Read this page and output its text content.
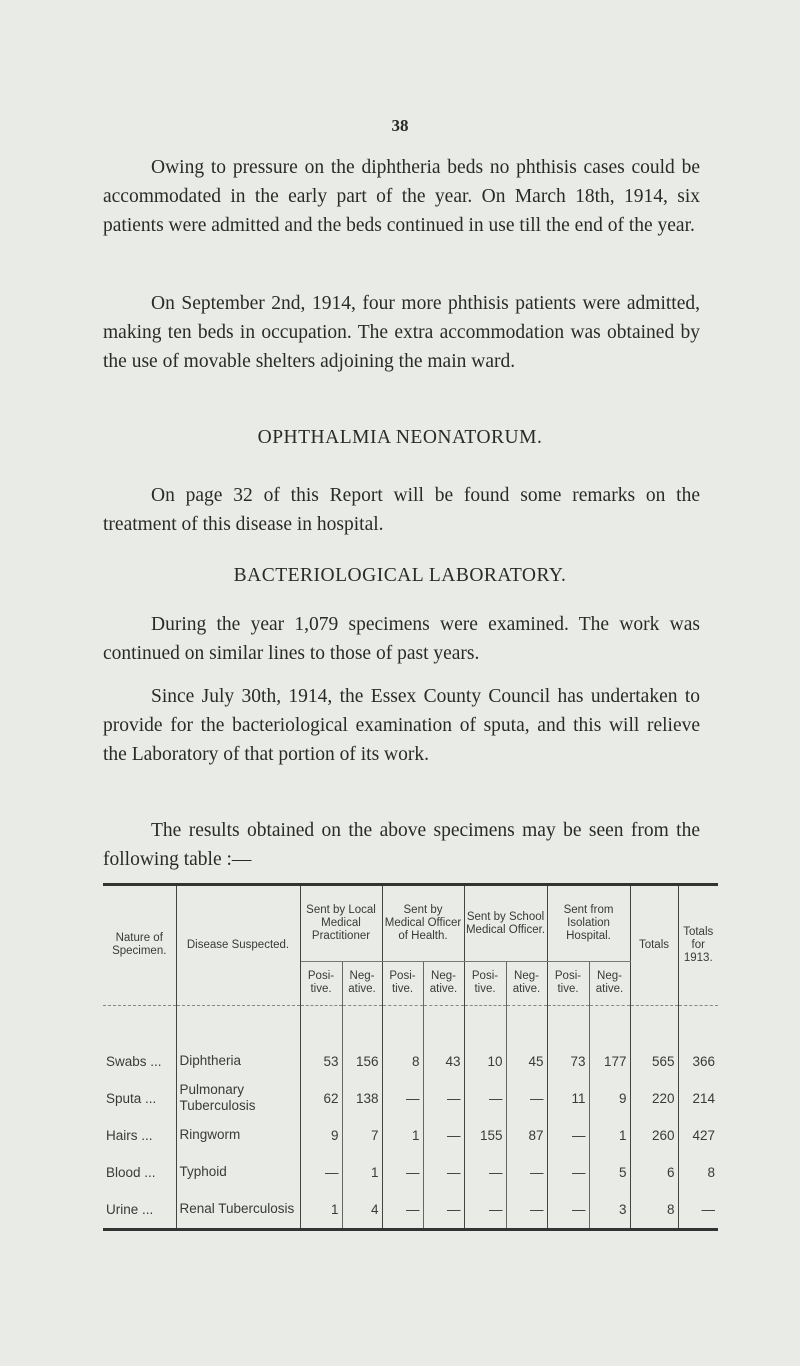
38

Owing to pressure on the diphtheria beds no phthisis cases could be accommodated in the early part of the year. On March 18th, 1914, six patients were admitted and the beds continued in use till the end of the year.

On September 2nd, 1914, four more phthisis patients were admitted, making ten beds in occupation. The extra accommodation was obtained by the use of movable shelters adjoining the main ward.

OPHTHALMIA NEONATORUM.

On page 32 of this Report will be found some remarks on the treatment of this disease in hospital.

BACTERIOLOGICAL LABORATORY.

During the year 1,079 specimens were examined. The work was continued on similar lines to those of past years.

Since July 30th, 1914, the Essex County Council has undertaken to provide for the bacteriological examination of sputa, and this will relieve the Laboratory of that portion of its work.

The results obtained on the above specimens may be seen from the following table :—

Nature of Specimen.	Disease Suspected.	Sent by Local Medical Practitioner		Sent by Medical Officer of Health.		Sent by School Medical Officer.		Sent from Isolation Hospital.		Totals	Totals for 1913.
		Posi- tive.	Neg- ative.	Posi- tive.	Neg- ative.	Posi- tive.	Neg- ative.	Posi- tive.	Neg- ative.		

Swabs ...	Diphtheria	53	156	8	43	10	45	73	177	565	366
Sputa ...	Pulmonary Tuberculosis	62	138	—	—	—	—	11	9	220	214
Hairs ...	Ringworm	9	7	1	—	155	87	—	1	260	427
Blood ...	Typhoid	—	1	—	—	—	—	—	5	6	8
Urine ...	Renal Tuberculosis	1	4	—	—	—	—	—	3	8	—
